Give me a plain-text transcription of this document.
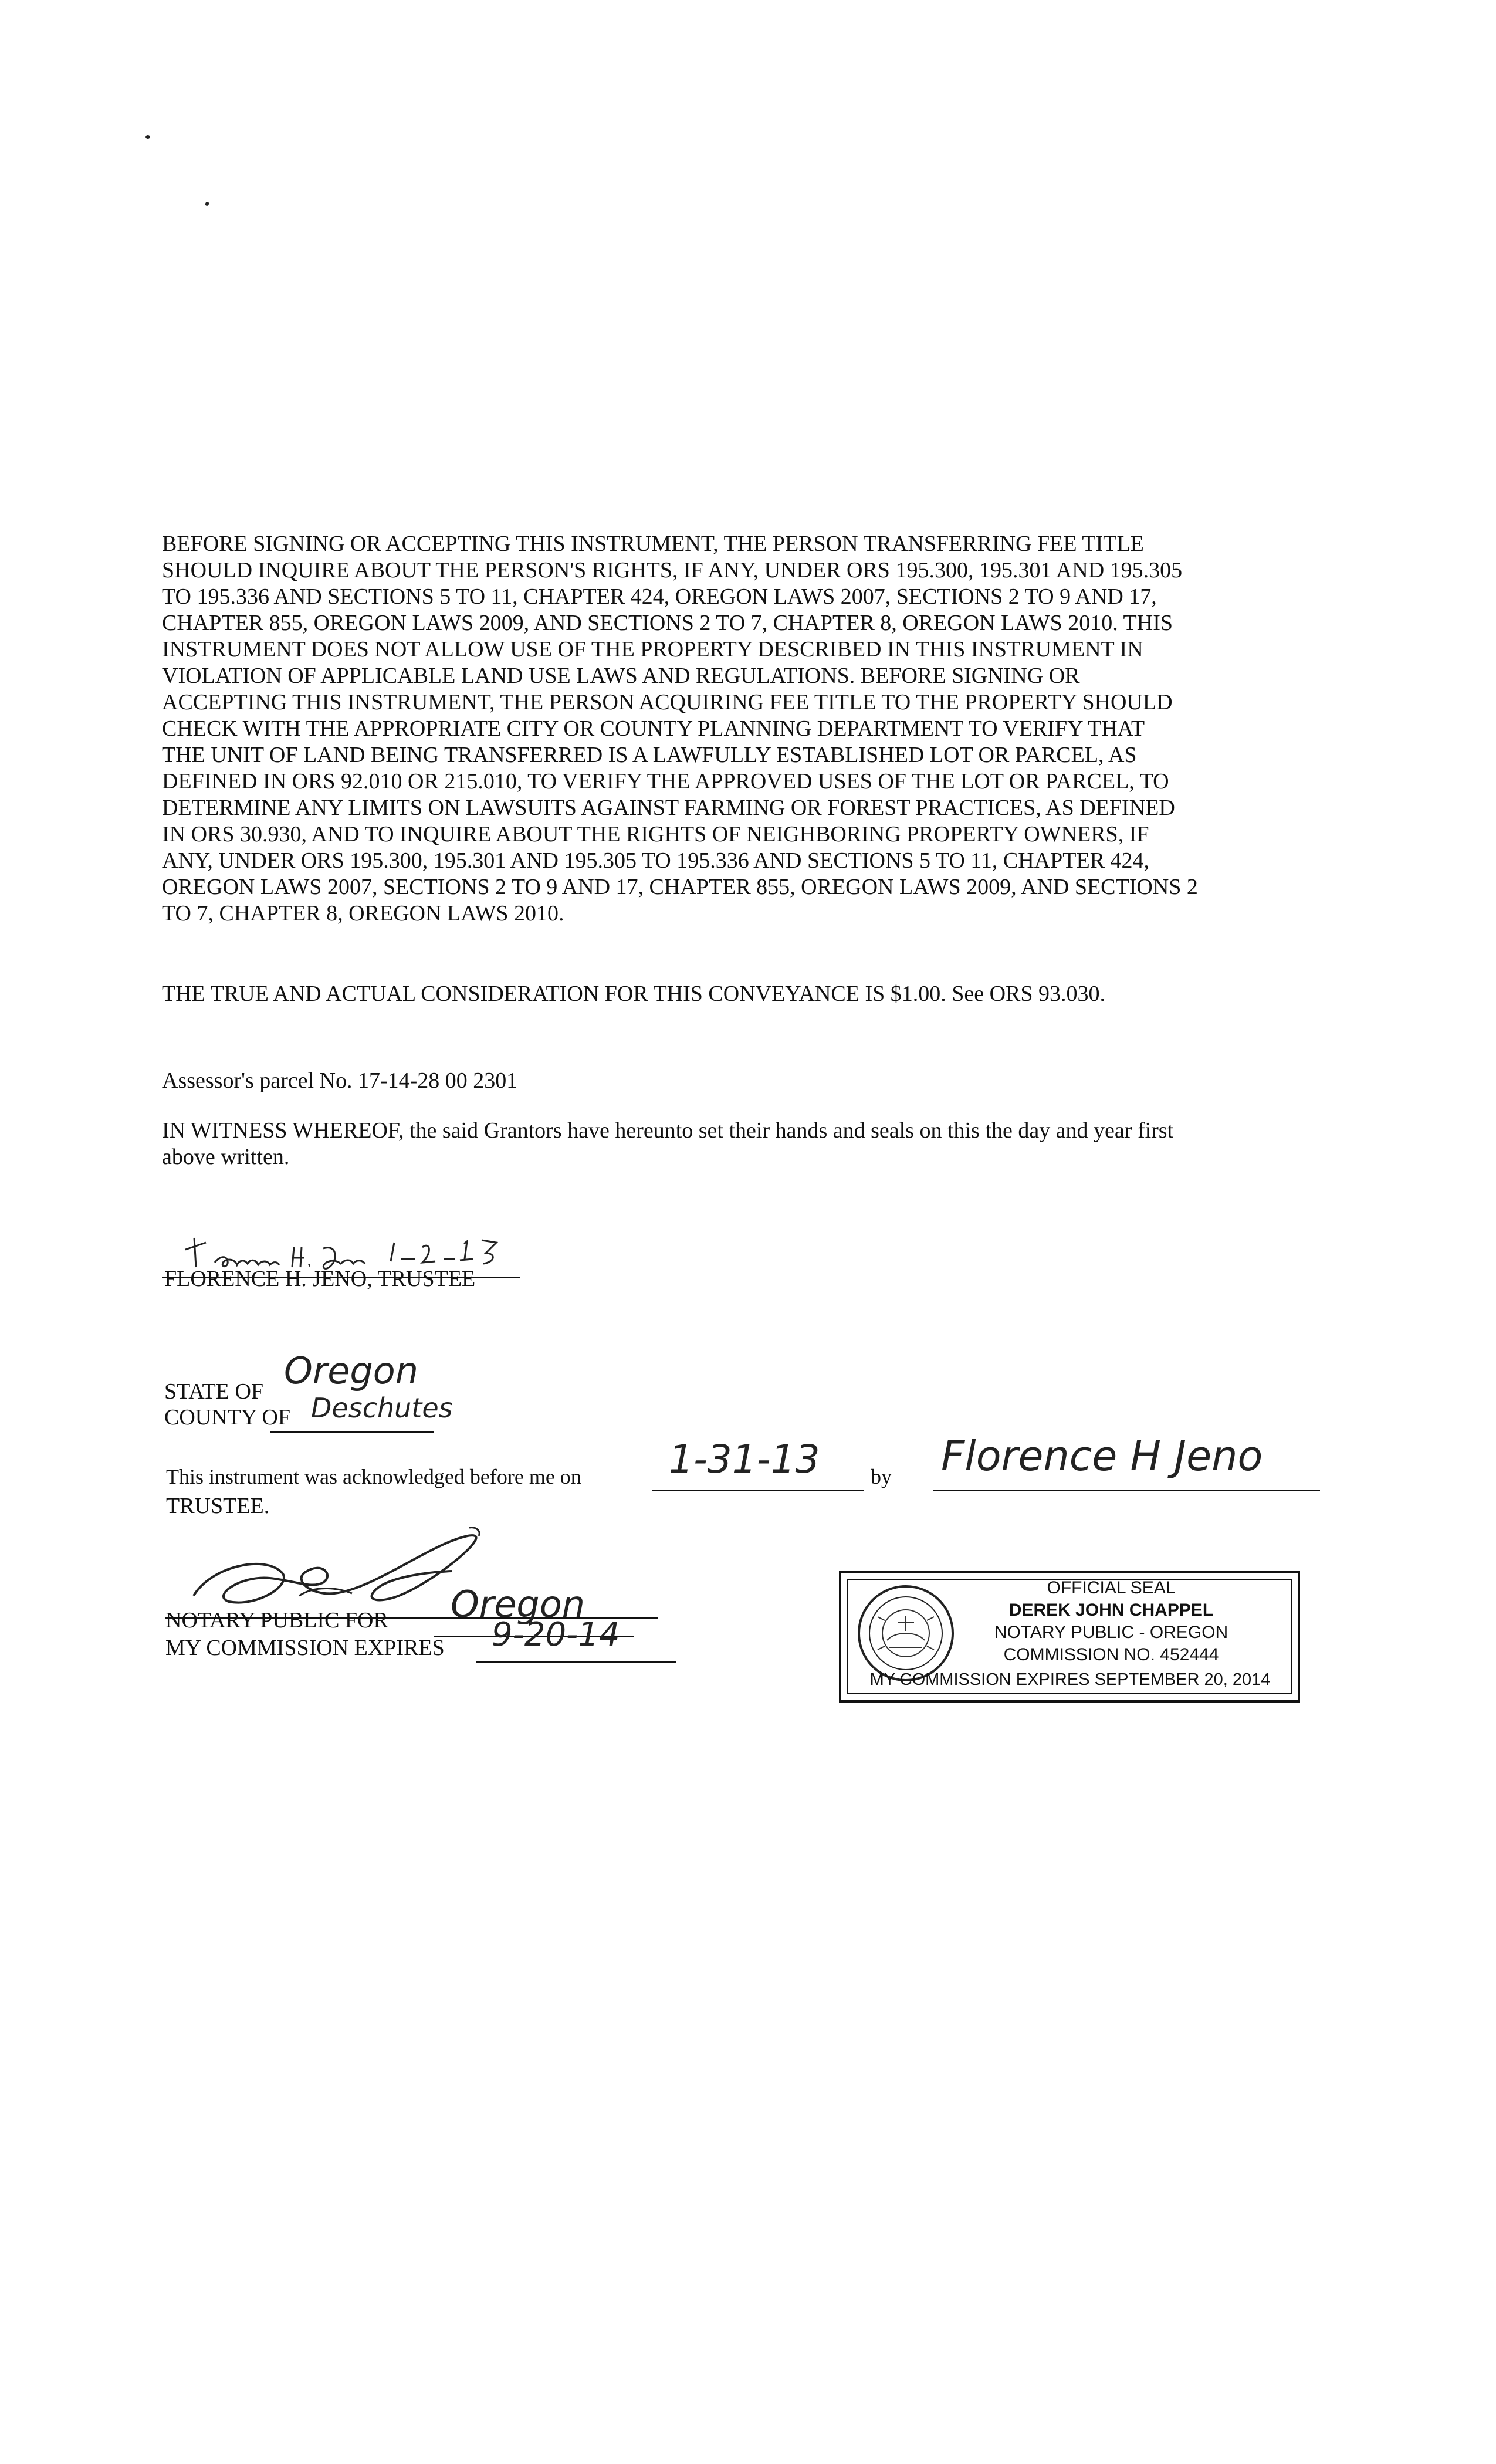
BEFORE SIGNING OR ACCEPTING THIS INSTRUMENT, THE PERSON TRANSFERRING FEE TITLE
SHOULD INQUIRE ABOUT THE PERSON'S RIGHTS, IF ANY, UNDER ORS 195.300, 195.301 AND 195.305
TO 195.336 AND SECTIONS 5 TO 11, CHAPTER 424, OREGON LAWS 2007, SECTIONS 2 TO 9 AND 17,
CHAPTER 855, OREGON LAWS 2009, AND SECTIONS 2 TO 7, CHAPTER 8, OREGON LAWS 2010. THIS
INSTRUMENT DOES NOT ALLOW USE OF THE PROPERTY DESCRIBED IN THIS INSTRUMENT IN
VIOLATION OF APPLICABLE LAND USE LAWS AND REGULATIONS. BEFORE SIGNING OR
ACCEPTING THIS INSTRUMENT, THE PERSON ACQUIRING FEE TITLE TO THE PROPERTY SHOULD
CHECK WITH THE APPROPRIATE CITY OR COUNTY PLANNING DEPARTMENT TO VERIFY THAT
THE UNIT OF LAND BEING TRANSFERRED IS A LAWFULLY ESTABLISHED LOT OR PARCEL, AS
DEFINED IN ORS 92.010 OR 215.010, TO VERIFY THE APPROVED USES OF THE LOT OR PARCEL, TO
DETERMINE ANY LIMITS ON LAWSUITS AGAINST FARMING OR FOREST PRACTICES, AS DEFINED
IN ORS 30.930, AND TO INQUIRE ABOUT THE RIGHTS OF NEIGHBORING PROPERTY OWNERS, IF
ANY, UNDER ORS 195.300, 195.301 AND 195.305 TO 195.336 AND SECTIONS 5 TO 11, CHAPTER 424,
OREGON LAWS 2007, SECTIONS 2 TO 9 AND 17, CHAPTER 855, OREGON LAWS 2009, AND SECTIONS 2
TO 7, CHAPTER 8, OREGON LAWS 2010.

THE TRUE AND ACTUAL CONSIDERATION FOR THIS CONVEYANCE IS $1.00. See ORS 93.030.

Assessor's parcel No. 17-14-28 00 2301

IN WITNESS WHEREOF, the said Grantors have hereunto set their hands and seals on this the day and year first
above written.

FLORENCE H. JENO, TRUSTEE
STATE OF Oregon
COUNTY OF Deschutes
This instrument was acknowledged before me on 1-31-13 by Florence H Jeno
TRUSTEE.
NOTARY PUBLIC FOR Oregon
MY COMMISSION EXPIRES 9-20-14
OFFICIAL SEAL
DEREK JOHN CHAPPEL
NOTARY PUBLIC - OREGON
COMMISSION NO. 452444
MY COMMISSION EXPIRES SEPTEMBER 20, 2014
